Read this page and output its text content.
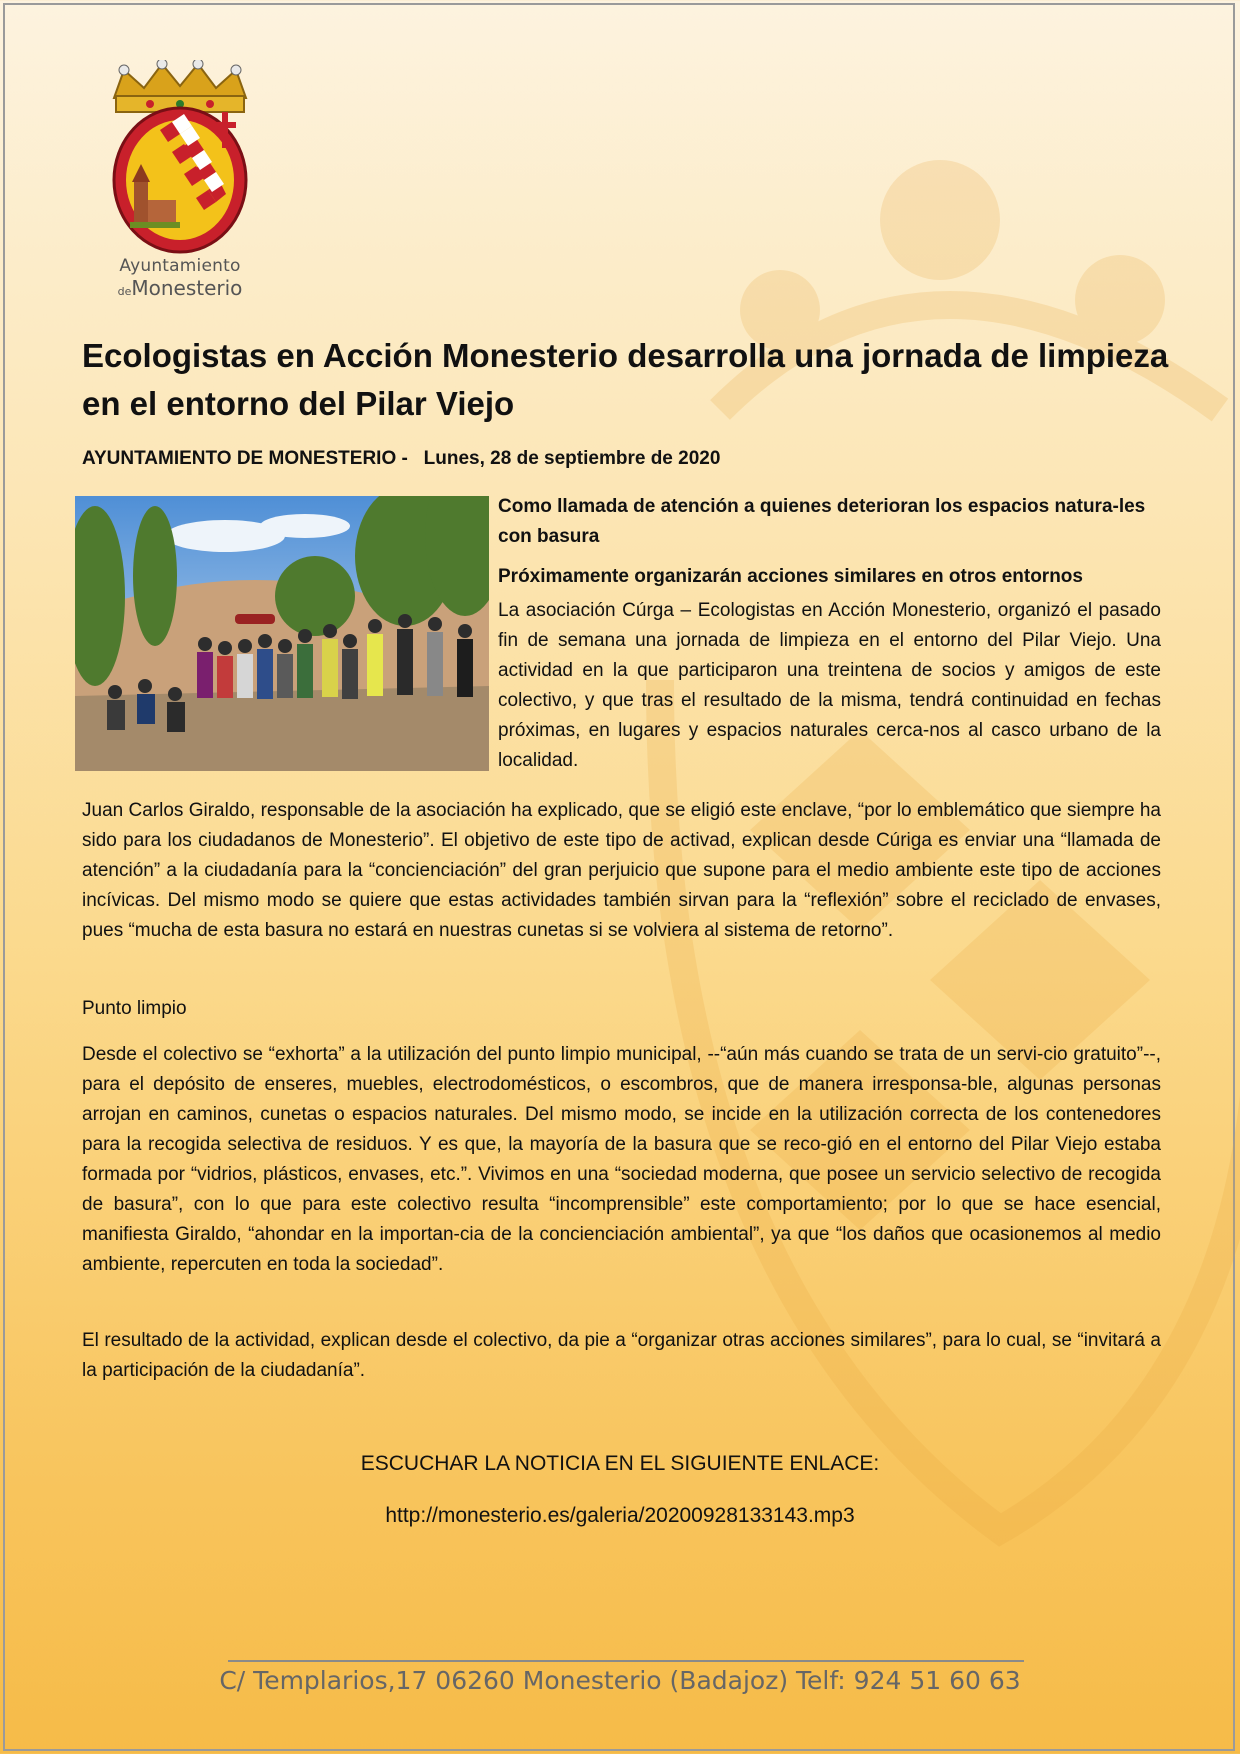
Ayuntamiento
deMonesterio
Ecologistas en Acción Monesterio desarrolla una jornada de limpieza en el entorno del Pilar Viejo

AYUNTAMIENTO DE MONESTERIO -   Lunes, 28 de septiembre de 2020

Como llamada de atención a quienes deterioran los espacios natura-les con basura

Próximamente organizarán acciones similares en otros entornos

La asociación Cúrga – Ecologistas en Acción Monesterio, organizó el pasado fin de semana una jornada de limpieza en el entorno del Pilar Viejo. Una actividad en la que participaron una treintena de socios y amigos de este colectivo, y que tras el resultado de la misma, tendrá continuidad en fechas próximas, en lugares y espacios naturales cerca-nos al casco urbano de la localidad.

Juan Carlos Giraldo, responsable de la asociación ha explicado, que se eligió este enclave, “por lo emblemático que siempre ha sido para los ciudadanos de Monesterio”. El objetivo de este tipo de activad, explican desde Cúriga es enviar una “llamada de atención” a la ciudadanía para la “concienciación” del gran perjuicio que supone para el medio ambiente este tipo de acciones incívicas. Del mismo modo se quiere que estas actividades también sirvan para la “reflexión” sobre el reciclado de envases, pues “mucha de esta basura no estará en nuestras cunetas si se volviera al sistema de retorno”.

Punto limpio

Desde el colectivo se “exhorta” a la utilización del punto limpio municipal, --“aún más cuando se trata de un servi-cio gratuito”--, para el depósito de enseres, muebles, electrodomésticos, o escombros, que de manera irresponsa-ble, algunas personas arrojan en caminos, cunetas o espacios naturales. Del mismo modo, se incide en la utilización correcta de los contenedores para la recogida selectiva de residuos. Y es que, la mayoría de la basura que se reco-gió en el entorno del Pilar Viejo estaba formada por “vidrios, plásticos, envases, etc.”. Vivimos en una “sociedad moderna, que posee un servicio selectivo de recogida de basura”, con lo que para este colectivo resulta “incomprensible” este comportamiento; por lo que se hace esencial, manifiesta Giraldo, “ahondar en la importan-cia de la concienciación ambiental”, ya que “los daños que ocasionemos al medio ambiente, repercuten en toda la sociedad”.

El resultado de la actividad, explican desde el colectivo, da pie a “organizar otras acciones similares”, para lo cual, se “invitará a la participación de la ciudadanía”.

ESCUCHAR LA NOTICIA EN EL SIGUIENTE ENLACE:

http://monesterio.es/galeria/20200928133143.mp3

C/ Templarios,17 06260 Monesterio (Badajoz) Telf: 924 51 60 63
